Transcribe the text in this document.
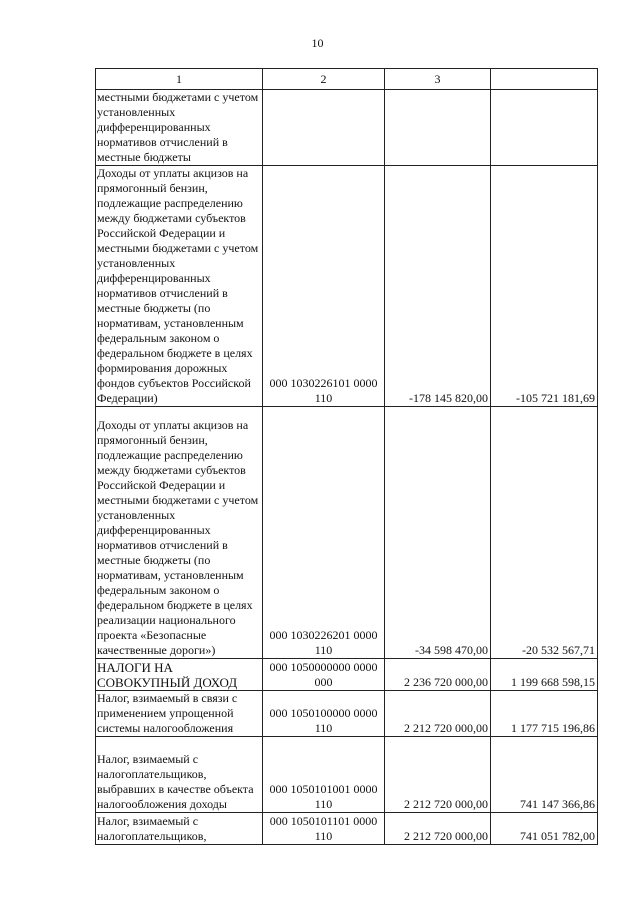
10
1	2	3	
местными бюджетами с учетом установленных дифференцированных нормативов отчислений в местные бюджеты			
Доходы от уплаты акцизов на прямогонный бензин, подлежащие распределению между бюджетами субъектов Российской Федерации и местными бюджетами с учетом установленных дифференцированных нормативов отчислений в местные бюджеты (по нормативам, установленным федеральным законом о федеральном бюджете в целях формирования дорожных фондов субъектов Российской Федерации)	000 1030226101 0000 110	-178 145 820,00	-105 721 181,69
Доходы от уплаты акцизов на прямогонный бензин, подлежащие распределению между бюджетами субъектов Российской Федерации и местными бюджетами с учетом установленных дифференцированных нормативов отчислений в местные бюджеты (по нормативам, установленным федеральным законом о федеральном бюджете в целях реализации национального проекта «Безопасные качественные дороги»)	000 1030226201 0000 110	-34 598 470,00	-20 532 567,71
НАЛОГИ НА СОВОКУПНЫЙ ДОХОД	000 1050000000 0000 000	2 236 720 000,00	1 199 668 598,15
Налог, взимаемый в связи с применением упрощенной системы налогообложения	000 1050100000 0000 110	2 212 720 000,00	1 177 715 196,86
Налог, взимаемый с налогоплательщиков, выбравших в качестве объекта налогообложения доходы	000 1050101001 0000 110	2 212 720 000,00	741 147 366,86
Налог, взимаемый с налогоплательщиков,	000 1050101101 0000 110	2 212 720 000,00	741 051 782,00
